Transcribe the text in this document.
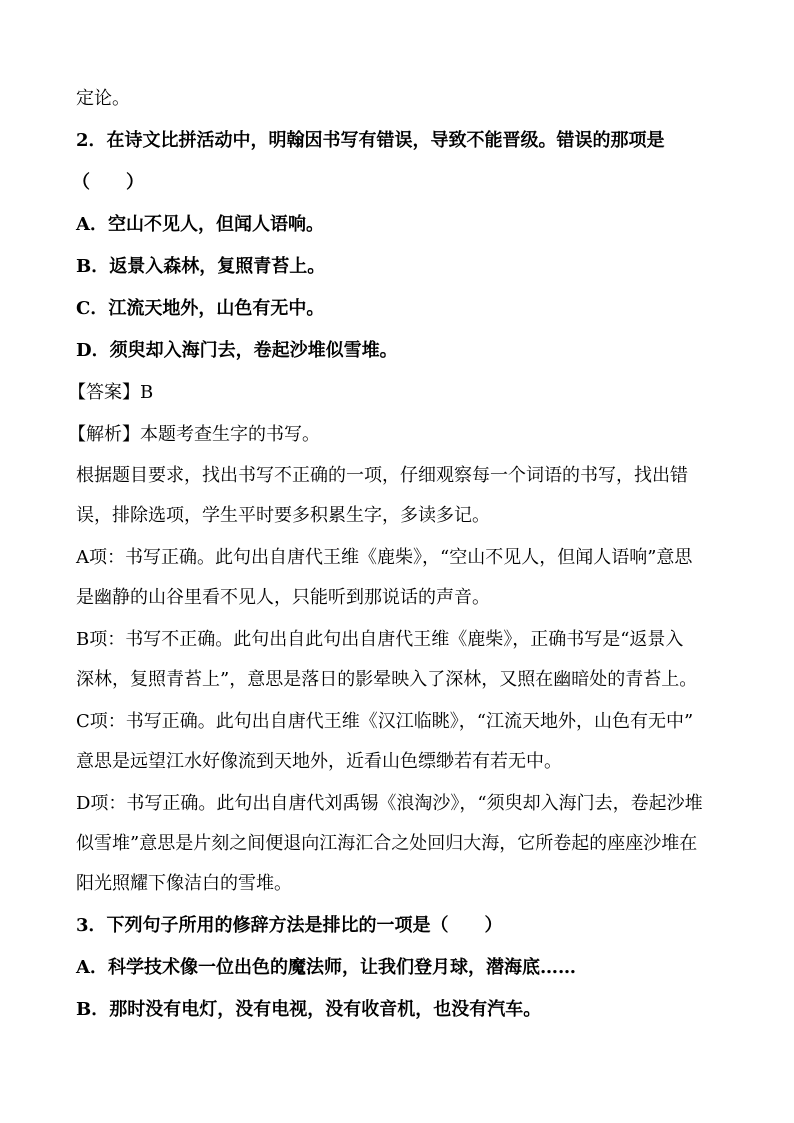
定论。

2．在诗文比拼活动中，明翰因书写有错误，导致不能晋级。错误的那项是

（　　）

A．空山不见人，但闻人语响。

B．返景入森林，复照青苔上。

C．江流天地外，山色有无中。

D．须臾却入海门去，卷起沙堆似雪堆。

【答案】B

【解析】本题考查生字的书写。

根据题目要求，找出书写不正确的一项，仔细观察每一个词语的书写，找出错

误，排除选项，学生平时要多积累生字，多读多记。

A项：书写正确。此句出自唐代王维《鹿柴》，“空山不见人，但闻人语响”意思

是幽静的山谷里看不见人，只能听到那说话的声音。

B项：书写不正确。此句出自此句出自唐代王维《鹿柴》，正确书写是“返景入

深林，复照青苔上”，意思是落日的影晕映入了深林，又照在幽暗处的青苔上。

C项：书写正确。此句出自唐代王维《汉江临眺》，“江流天地外，山色有无中”

意思是远望江水好像流到天地外，近看山色缥缈若有若无中。

D项：书写正确。此句出自唐代刘禹锡《浪淘沙》，“须臾却入海门去，卷起沙堆

似雪堆”意思是片刻之间便退向江海汇合之处回归大海，它所卷起的座座沙堆在

阳光照耀下像洁白的雪堆。

3．下列句子所用的修辞方法是排比的一项是（　　）

A．科学技术像一位出色的魔法师，让我们登月球，潜海底……

B．那时没有电灯，没有电视，没有收音机，也没有汽车。
